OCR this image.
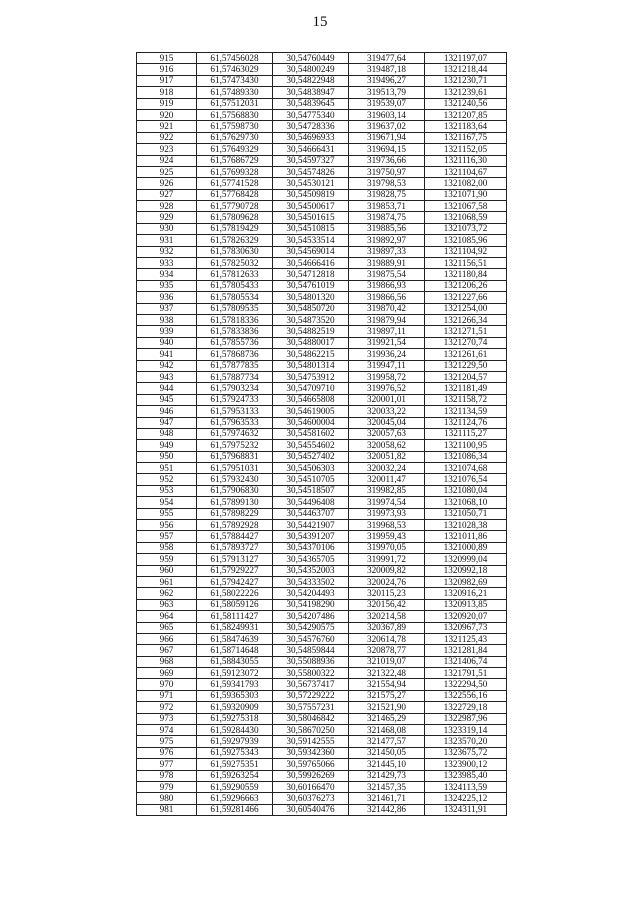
15
915	61,57456028	30,54760449	319477,64	1321197,07
916	61,57463029	30,54800249	319487,18	1321218,44
917	61,57473430	30,54822948	319496,27	1321230,71
918	61,57489330	30,54838947	319513,79	1321239,61
919	61,57512031	30,54839645	319539,07	1321240,56
920	61,57568830	30,54775340	319603,14	1321207,85
921	61,57598730	30,54728336	319637,02	1321183,64
922	61,57629730	30,54696933	319671,94	1321167,75
923	61,57649329	30,54666431	319694,15	1321152,05
924	61,57686729	30,54597327	319736,66	1321116,30
925	61,57699328	30,54574826	319750,97	1321104,67
926	61,57741528	30,54530121	319798,53	1321082,00
927	61,57768428	30,54509819	319828,75	1321071,90
928	61,57790728	30,54500617	319853,71	1321067,58
929	61,57809628	30,54501615	319874,75	1321068,59
930	61,57819429	30,54510815	319885,56	1321073,72
931	61,57826329	30,54533514	319892,97	1321085,96
932	61,57830630	30,54569014	319897,33	1321104,92
933	61,57825032	30,54666416	319889,91	1321156,51
934	61,57812633	30,54712818	319875,54	1321180,84
935	61,57805433	30,54761019	319866,93	1321206,26
936	61,57805534	30,54801320	319866,56	1321227,66
937	61,57809535	30,54850720	319870,42	1321254,00
938	61,57818336	30,54873520	319879,94	1321266,34
939	61,57833836	30,54882519	319897,11	1321271,51
940	61,57855736	30,54880017	319921,54	1321270,74
941	61,57868736	30,54862215	319936,24	1321261,61
942	61,57877835	30,54801314	319947,11	1321229,50
943	61,57887734	30,54753912	319958,72	1321204,57
944	61,57903234	30,54709710	319976,52	1321181,49
945	61,57924733	30,54665808	320001,01	1321158,72
946	61,57953133	30,54619005	320033,22	1321134,59
947	61,57963533	30,54600004	320045,04	1321124,76
948	61,57974632	30,54581602	320057,63	1321115,27
949	61,57975232	30,54554602	320058,62	1321100,95
950	61,57968831	30,54527402	320051,82	1321086,34
951	61,57951031	30,54506303	320032,24	1321074,68
952	61,57932430	30,54510705	320011,47	1321076,54
953	61,57906830	30,54518507	319982,85	1321080,04
954	61,57899130	30,54496408	319974,54	1321068,10
955	61,57898229	30,54463707	319973,93	1321050,71
956	61,57892928	30,54421907	319968,53	1321028,38
957	61,57884427	30,54391207	319959,43	1321011,86
958	61,57893727	30,54370106	319970,05	1321000,89
959	61,57913127	30,54365705	319991,72	1320999,04
960	61,57929227	30,54352003	320009,82	1320992,18
961	61,57942427	30,54333502	320024,76	1320982,69
962	61,58022226	30,54204493	320115,23	1320916,21
963	61,58059126	30,54198290	320156,42	1320913,85
964	61,58111427	30,54207486	320214,58	1320920,07
965	61,58249931	30,54290575	320367,89	1320967,73
966	61,58474639	30,54576760	320614,78	1321125,43
967	61,58714648	30,54859844	320878,77	1321281,84
968	61,58843055	30,55088936	321019,07	1321406,74
969	61,59123072	30,55800322	321322,48	1321791,51
970	61,59341793	30,56737417	321554,94	1322294,50
971	61,59365303	30,57229222	321575,27	1322556,16
972	61,59320909	30,57557231	321521,90	1322729,18
973	61,59275318	30,58046842	321465,29	1322987,96
974	61,59284430	30,58670250	321468,08	1323319,14
975	61,59297939	30,59142555	321477,57	1323570,20
976	61,59275343	30,59342360	321450,05	1323675,72
977	61,59275351	30,59765066	321445,10	1323900,12
978	61,59263254	30,59926269	321429,73	1323985,40
979	61,59290559	30,60166470	321457,35	1324113,59
980	61,59296663	30,60376273	321461,71	1324225,12
981	61,59281466	30,60540476	321442,86	1324311,91
